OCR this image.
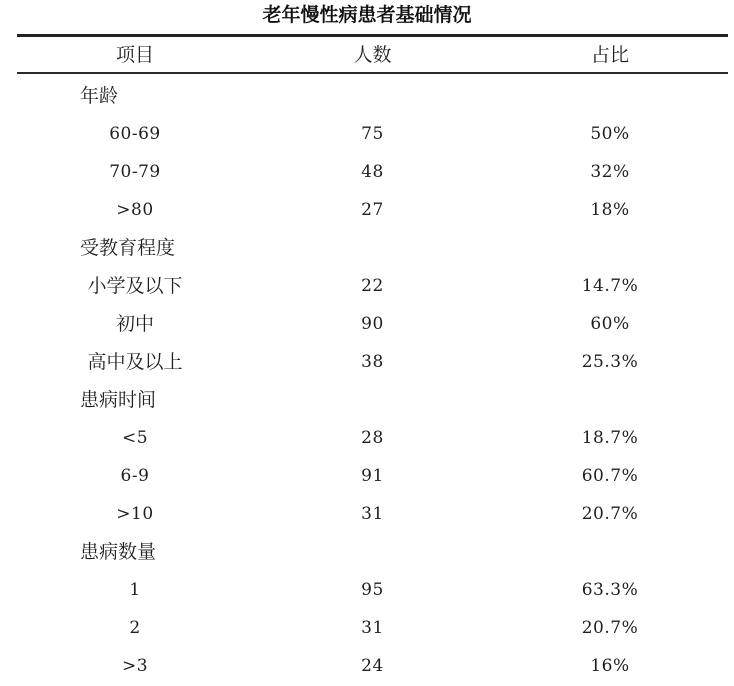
老年慢性病患者基础情况
项目	人数	占比
年龄
60-69	75	50%
70-79	48	32%
>80	27	18%
受教育程度
小学及以下	22	14.7%
初中	90	60%
高中及以上	38	25.3%
患病时间
<5	28	18.7%
6-9	91	60.7%
>10	31	20.7%
患病数量
1	95	63.3%
2	31	20.7%
>3	24	16%
